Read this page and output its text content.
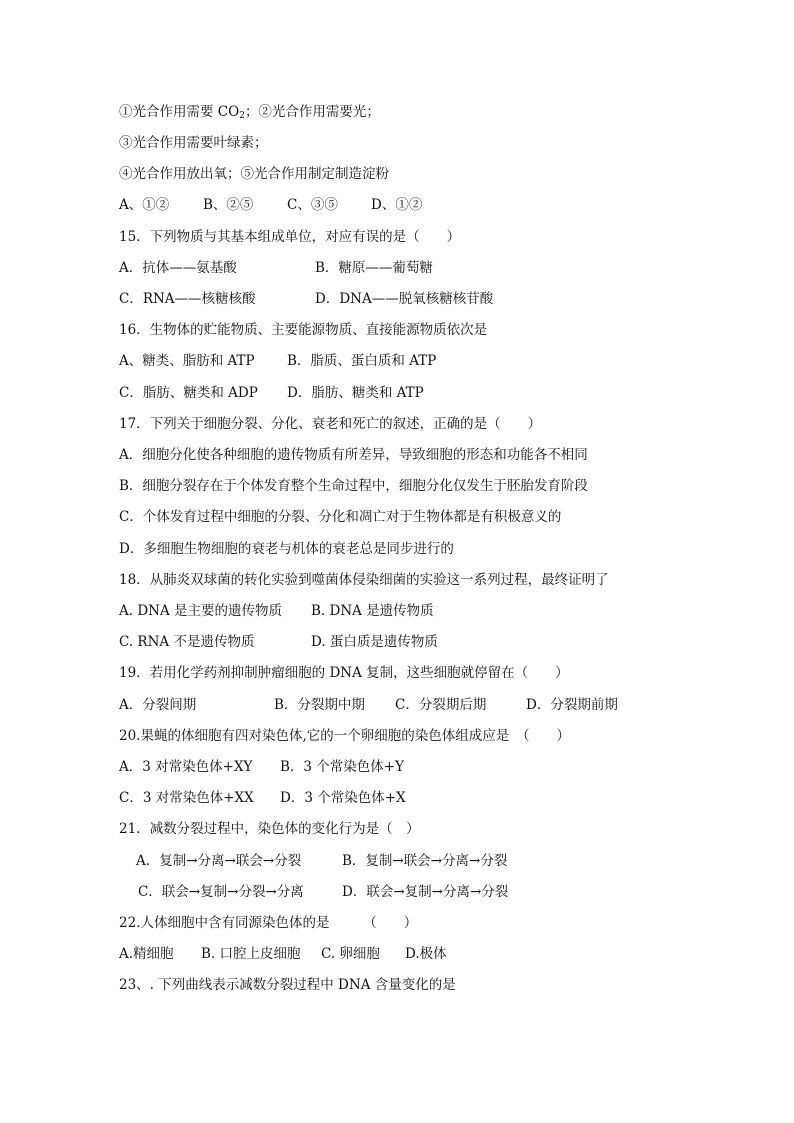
①光合作用需要 $CO_2$；②光合作用需要光；
③光合作用需要叶绿素；
④光合作用放出氧；⑤光合作用制定制造淀粉
A、①②	B、②⑤ C、③⑤ D、①②
15．下列物质与其基本组成单位，对应有误的是（　　）
A．抗体——氨基酸	B．糖原——葡萄糖
C．RNA——核糖核酸	D．DNA——脱氧核糖核苷酸
16．生物体的贮能物质、主要能源物质、直接能源物质依次是
A、糖类、脂肪和 ATP B．脂质、蛋白质和 ATP
C．脂肪、糖类和 ADP D．脂肪、糖类和 ATP
17．下列关于细胞分裂、分化、衰老和死亡的叙述，正确的是（　　）
A．细胞分化使各种细胞的遗传物质有所差异，导致细胞的形态和功能各不相同
B．细胞分裂存在于个体发育整个生命过程中，细胞分化仅发生于胚胎发育阶段
C．个体发育过程中细胞的分裂、分化和凋亡对于生物体都是有积极意义的
D．多细胞生物细胞的衰老与机体的衰老总是同步进行的
18．从肺炎双球菌的转化实验到噬菌体侵染细菌的实验这一系列过程，最终证明了
A. DNA 是主要的遗传物质 B. DNA 是遗传物质
C. RNA 不是遗传物质	D. 蛋白质是遗传物质
19．若用化学药剂抑制肿瘤细胞的 DNA 复制，这些细胞就停留在（　　）
A．分裂间期	B．分裂期中期 C．分裂期后期	D．分裂期前期
20.果蝇的体细胞有四对染色体,它的一个卵细胞的染色体组成应是　（　　）
A．3 对常染色体+XY B．3 个常染色体+Y
C．3 对常染色体+XX D．3 个常染色体+X
21．减数分裂过程中，染色体的变化行为是（　）
A．复制→分离→联会→分裂	B．复制→联会→分离→分裂
C．联会→复制→分裂→分离	D．联会→复制→分离→分裂
22.人体细胞中含有同源染色体的是　　　（　　）
A.精细胞 B. 口腔上皮细胞 C. 卵细胞 D.极体
23、. 下列曲线表示减数分裂过程中 DNA 含量变化的是
